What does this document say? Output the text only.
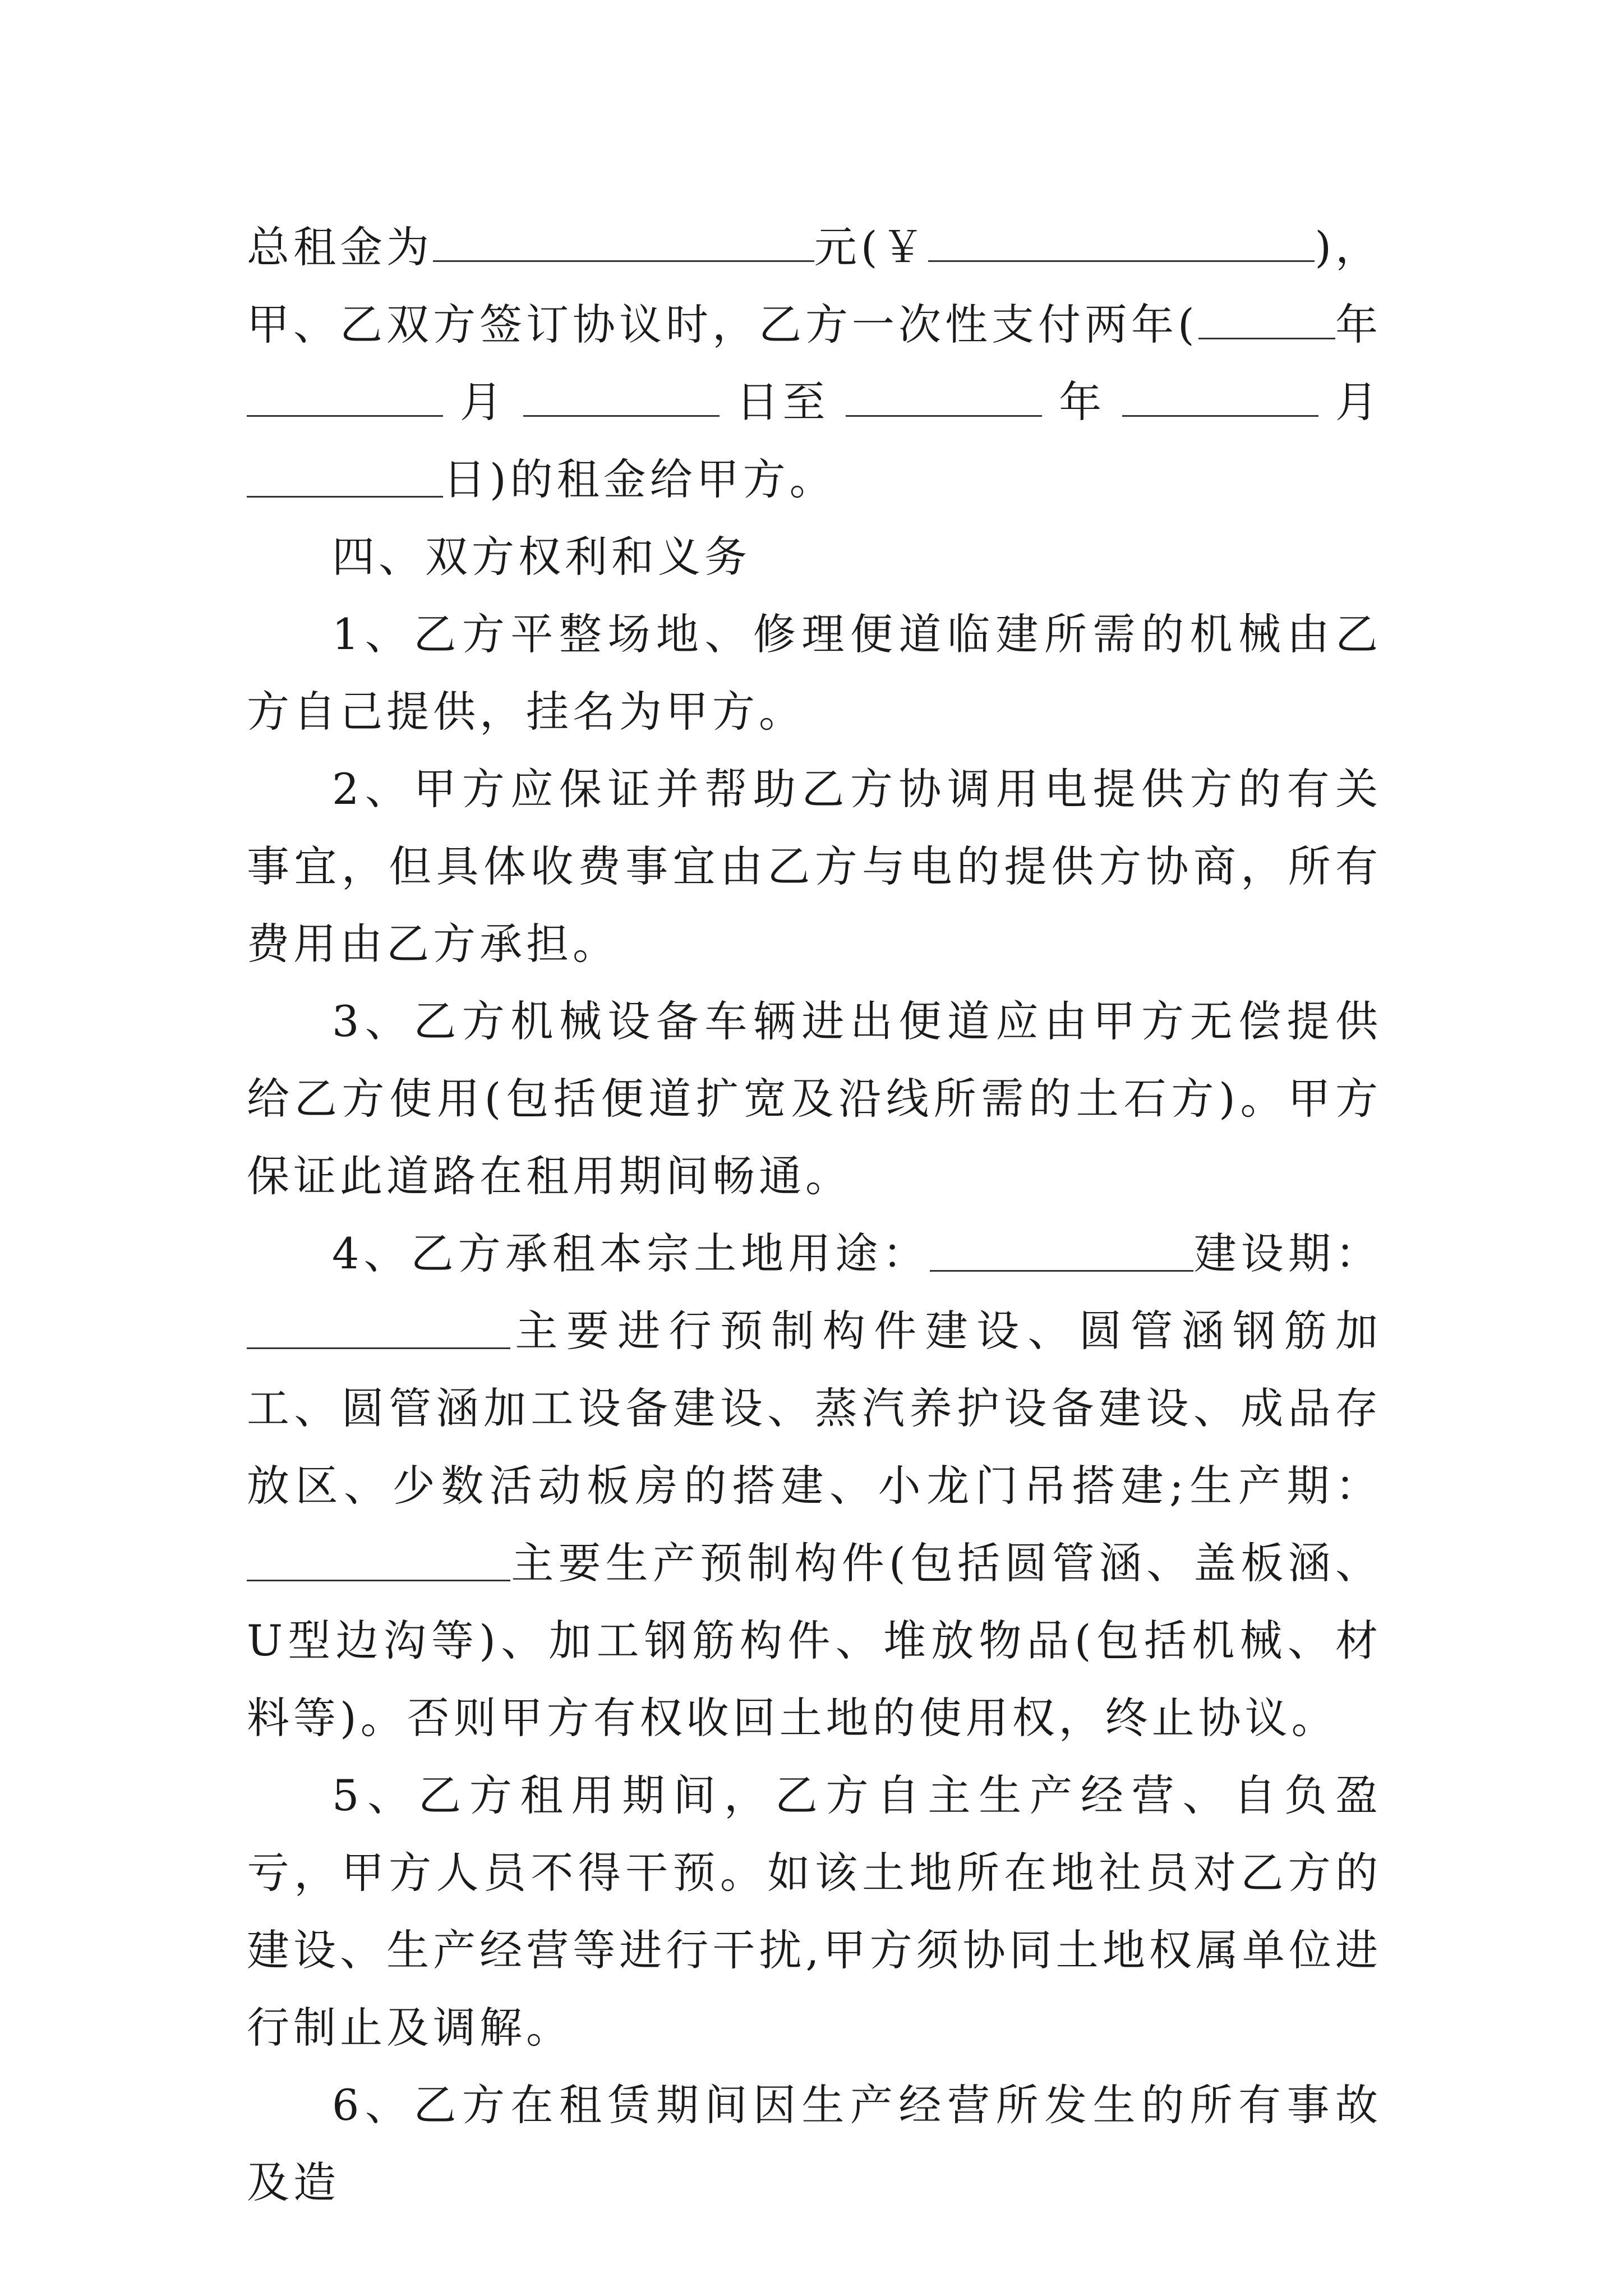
总租金为	元(￥	)，
甲、乙双方签订协议时，乙方一次性支付两年(	年
月	日至	年	月
日)的租金给甲方。

四、双方权利和义务

1、乙方平整场地、修理便道临建所需的机械由乙方自己提供，挂名为甲方。

2、甲方应保证并帮助乙方协调用电提供方的有关事宜，但具体收费事宜由乙方与电的提供方协商，所有费用由乙方承担。

3、乙方机械设备车辆进出便道应由甲方无偿提供给乙方使用(包括便道扩宽及沿线所需的土石方)。甲方保证此道路在租用期间畅通。

4、乙方承租本宗土地用途：	建设期：主要进行预制构件建设、圆管涵钢筋加工、圆管涵加工设备建设、蒸汽养护设备建设、成品存放区、少数活动板房的搭建、小龙门吊搭建;生产期：主要生产预制构件(包括圆管涵、盖板涵、U型边沟等)、加工钢筋构件、堆放物品(包括机械、材料等)。否则甲方有权收回土地的使用权，终止协议。

5、乙方租用期间，乙方自主生产经营、自负盈亏，甲方人员不得干预。如该土地所在地社员对乙方的建设、生产经营等进行干扰,甲方须协同土地权属单位进行制止及调解。

6、乙方在租赁期间因生产经营所发生的所有事故及造
